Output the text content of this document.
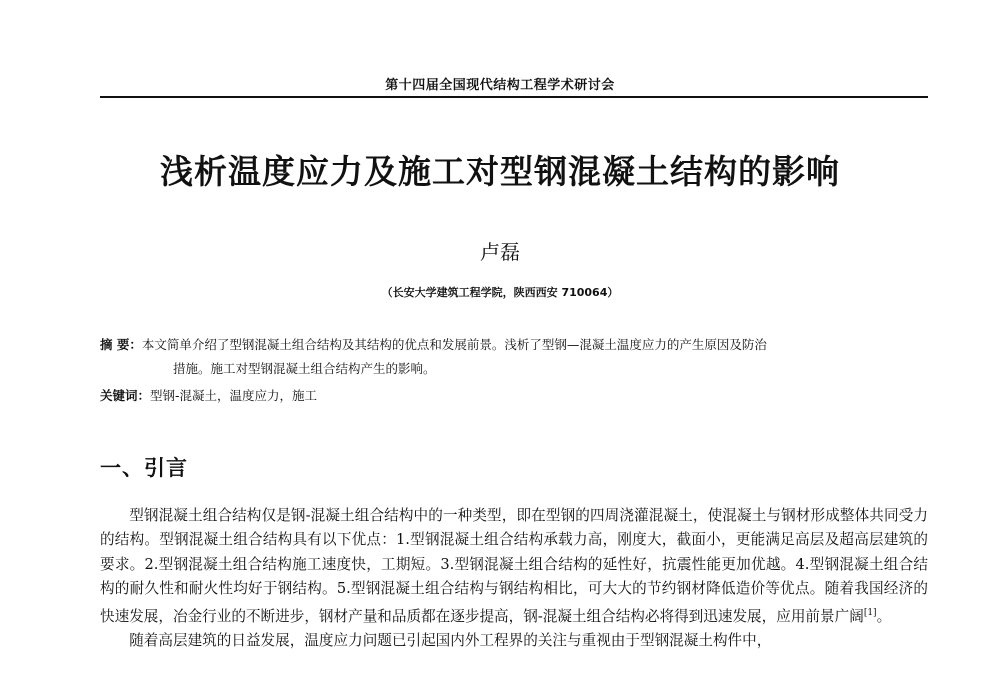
第十四届全国现代结构工程学术研讨会
浅析温度应力及施工对型钢混凝土结构的影响
卢磊
（长安大学建筑工程学院，陕西西安 710064）
摘 要：本文简单介绍了型钢混凝土组合结构及其结构的优点和发展前景。浅析了型钢—混凝土温度应力的产生原因及防治
措施。施工对型钢混凝土组合结构产生的影响。
关键词：型钢-混凝土，温度应力，施工
一、引言

型钢混凝土组合结构仅是钢-混凝土组合结构中的一种类型，即在型钢的四周浇灌混凝土，使混凝土与钢材形成整体共同受力的结构。型钢混凝土组合结构具有以下优点：1.型钢混凝土组合结构承载力高，刚度大，截面小，更能满足高层及超高层建筑的要求。2.型钢混凝土组合结构施工速度快，工期短。3.型钢混凝土组合结构的延性好，抗震性能更加优越。4.型钢混凝土组合结构的耐久性和耐火性均好于钢结构。5.型钢混凝土组合结构与钢结构相比，可大大的节约钢材降低造价等优点。随着我国经济的快速发展，冶金行业的不断进步，钢材产量和品质都在逐步提高，钢-混凝土组合结构必将得到迅速发展，应用前景广阔[1]。

随着高层建筑的日益发展，温度应力问题已引起国内外工程界的关注与重视由于型钢混凝土构件中，
